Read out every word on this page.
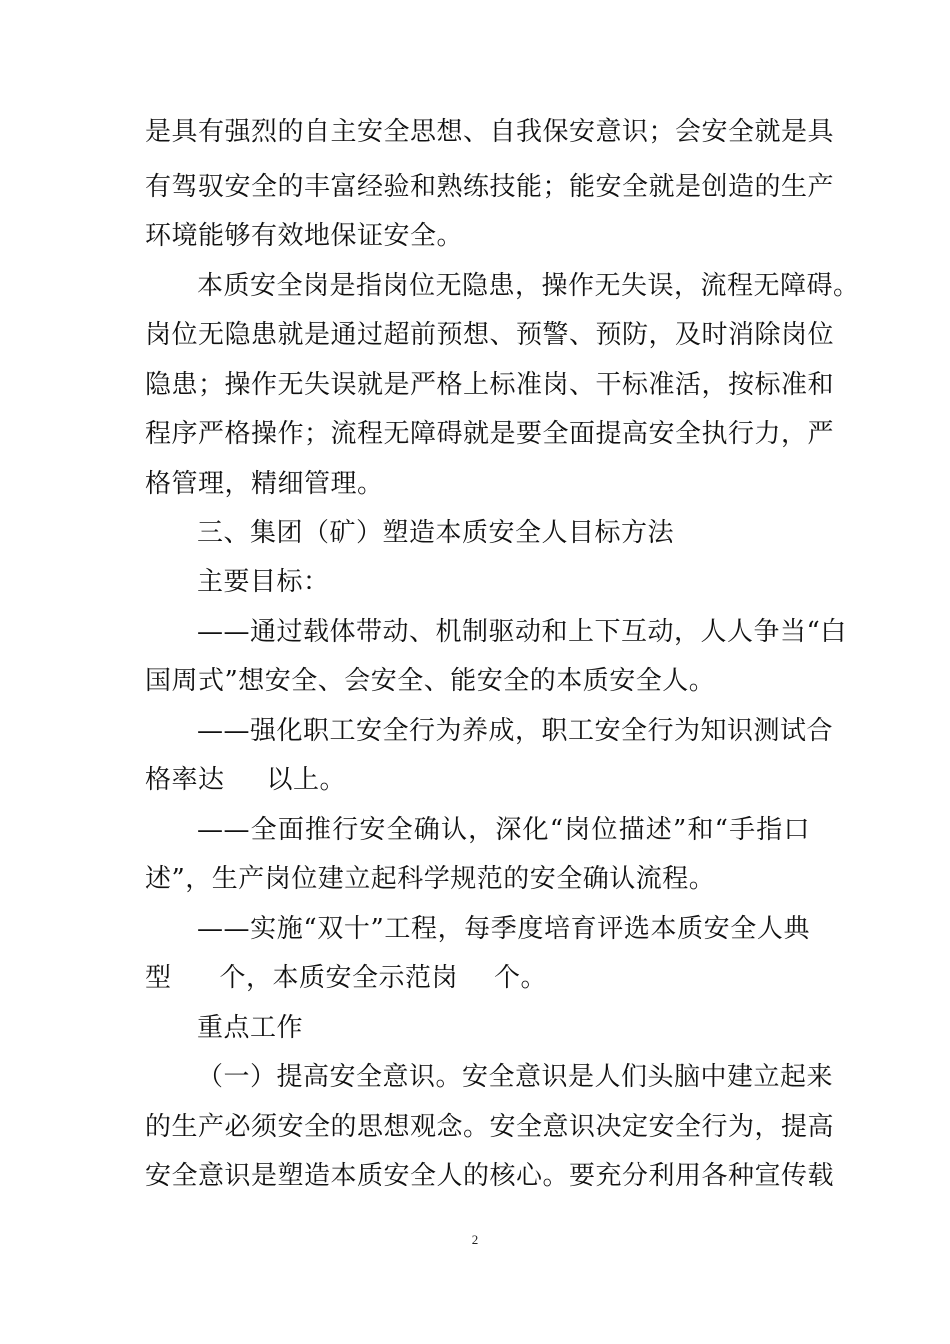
是具有强烈的自主安全思想、自我保安意识；会安全就是具
有驾驭安全的丰富经验和熟练技能；能安全就是创造的生产
环境能够有效地保证安全。
本质安全岗是指岗位无隐患，操作无失误，流程无障碍。
岗位无隐患就是通过超前预想、预警、预防，及时消除岗位
隐患；操作无失误就是严格上标准岗、干标准活，按标准和
程序严格操作；流程无障碍就是要全面提高安全执行力，严
格管理，精细管理。
三、集团（矿）塑造本质安全人目标方法
主要目标：
——通过载体带动、机制驱动和上下互动，人人争当“白
国周式”想安全、会安全、能安全的本质安全人。
——强化职工安全行为养成，职工安全行为知识测试合
格率达 以上。
——全面推行安全确认，深化“岗位描述”和“手指口
述”，生产岗位建立起科学规范的安全确认流程。
——实施“双十”工程，每季度培育评选本质安全人典
型 个，本质安全示范岗 个。
重点工作
（一）提高安全意识。安全意识是人们头脑中建立起来
的生产必须安全的思想观念。安全意识决定安全行为，提高
安全意识是塑造本质安全人的核心。要充分利用各种宣传载
2
